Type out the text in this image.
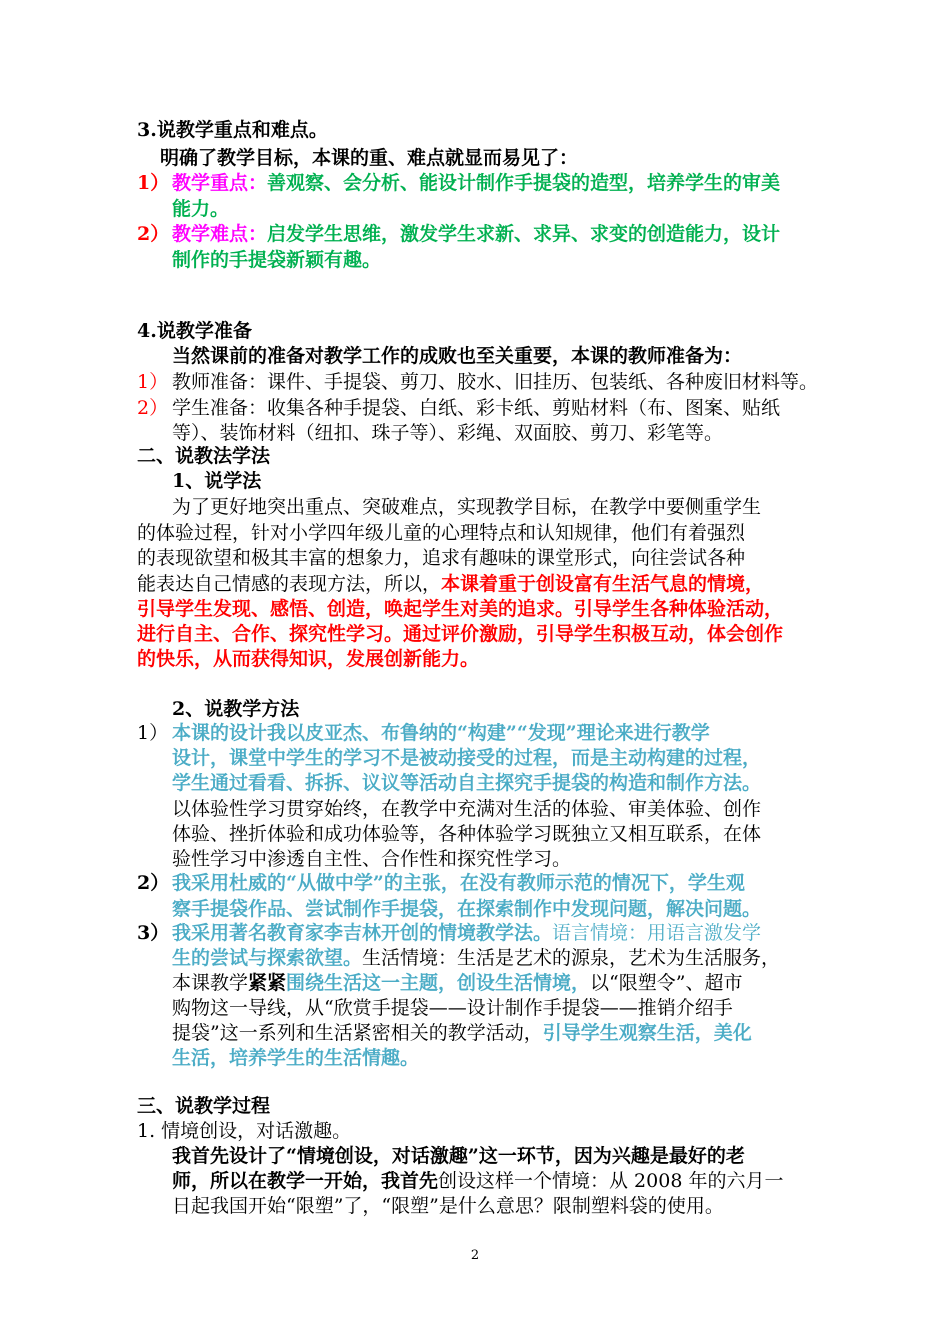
3.说教学重点和难点。
明确了教学目标，本课的重、难点就显而易见了：
1） 教学重点：善观察、会分析、能设计制作手提袋的造型，培养学生的审美
能力。
2） 教学难点：启发学生思维，激发学生求新、求异、求变的创造能力，设计
制作的手提袋新颖有趣。
4.说教学准备
当然课前的准备对教学工作的成败也至关重要，本课的教师准备为：
1） 教师准备：课件、手提袋、剪刀、胶水、旧挂历、包装纸、各种废旧材料等。
2） 学生准备：收集各种手提袋、白纸、彩卡纸、剪贴材料（布、图案、贴纸
等）、装饰材料（纽扣、珠子等）、彩绳、双面胶、剪刀、彩笔等。
二、说教法学法
1、说学法
为了更好地突出重点、突破难点，实现教学目标，在教学中要侧重学生
的体验过程，针对小学四年级儿童的心理特点和认知规律，他们有着强烈
的表现欲望和极其丰富的想象力，追求有趣味的课堂形式，向往尝试各种
能表达自己情感的表现方法，所以，本课着重于创设富有生活气息的情境，
引导学生发现、感悟、创造，唤起学生对美的追求。引导学生各种体验活动，
进行自主、合作、探究性学习。通过评价激励，引导学生积极互动，体会创作
的快乐，从而获得知识，发展创新能力。
2、说教学方法
1） 本课的设计我以皮亚杰、布鲁纳的“构建”“发现”理论来进行教学
设计，课堂中学生的学习不是被动接受的过程，而是主动构建的过程，
学生通过看看、拆拆、议议等活动自主探究手提袋的构造和制作方法。
以体验性学习贯穿始终，在教学中充满对生活的体验、审美体验、创作
体验、挫折体验和成功体验等，各种体验学习既独立又相互联系，在体
验性学习中渗透自主性、合作性和探究性学习。
2） 我采用杜威的“从做中学”的主张，在没有教师示范的情况下，学生观
察手提袋作品、尝试制作手提袋，在探索制作中发现问题，解决问题。
3） 我采用著名教育家李吉林开创的情境教学法。语言情境：用语言激发学
生的尝试与探索欲望。生活情境：生活是艺术的源泉，艺术为生活服务，
本课教学紧紧围绕生活这一主题，创设生活情境，以“限塑令”、超市
购物这一导线，从“欣赏手提袋——设计制作手提袋——推销介绍手
提袋”这一系列和生活紧密相关的教学活动，引导学生观察生活，美化
生活，培养学生的生活情趣。
三、说教学过程
1. 情境创设，对话激趣。
我首先设计了“情境创设，对话激趣”这一环节，因为兴趣是最好的老
师，所以在教学一开始，我首先创设这样一个情境：从 2008 年的六月一
日起我国开始“限塑”了，“限塑”是什么意思？限制塑料袋的使用。
2
